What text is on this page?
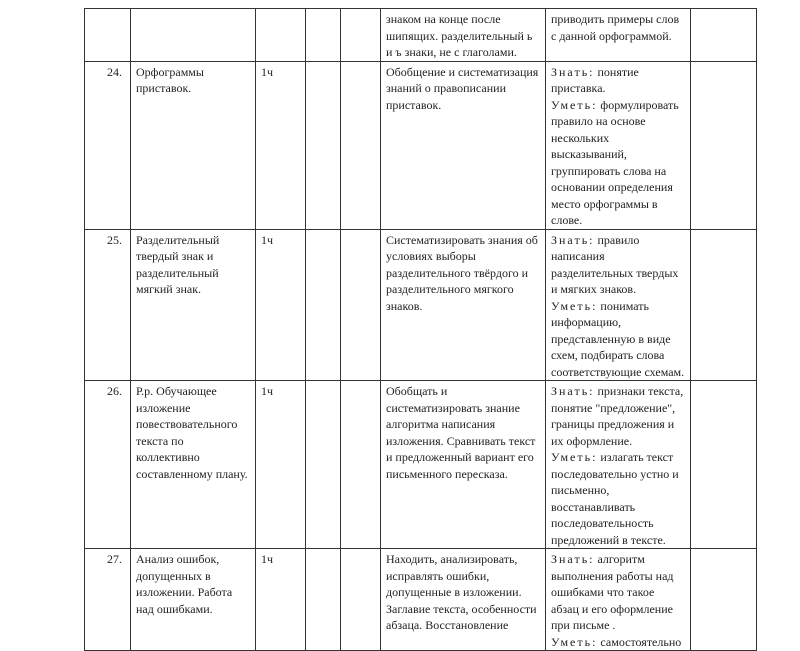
					знаком на конце после шипящих. разделительный ь и ъ знаки, не с глаголами.	приводить примеры слов с данной орфограммой.	

24.	Орфограммы приставок.	1ч			Обобщение и систематизация знаний о правописании приставок.	Знать: понятие приставка.
Уметь: формулировать правило на основе нескольких высказываний, группировать слова на основании определения место орфограммы в слове.	

25.	Разделительный твердый знак и разделительный мягкий знак.	1ч			Систематизировать знания об условиях выборы разделительного твёрдого и разделительного мягкого знаков.	Знать: правило написания разделительных твердых и мягких знаков.
Уметь: понимать информацию, представленную в виде схем, подбирать слова соответствующие схемам.	

26.	Р.р. Обучающее изложение повествовательного текста по коллективно составленному плану.	1ч			Обобщать и систематизировать знание алгоритма написания изложения. Сравнивать текст и предложенный вариант его письменного пересказа.	Знать: признаки текста, понятие "предложение", границы предложения и их оформление.
Уметь: излагать текст последовательно устно и письменно, восстанавливать последовательность предложений в тексте.	

27.	Анализ ошибок, допущенных в изложении. Работа над ошибками.	1ч			Находить, анализировать, исправлять ошибки, допущенные в изложении. Заглавие текста, особенности абзаца. Восстановление	Знать: алгоритм выполнения работы над ошибками что такое абзац и его оформление при письме .
Уметь: самостоятельно	
